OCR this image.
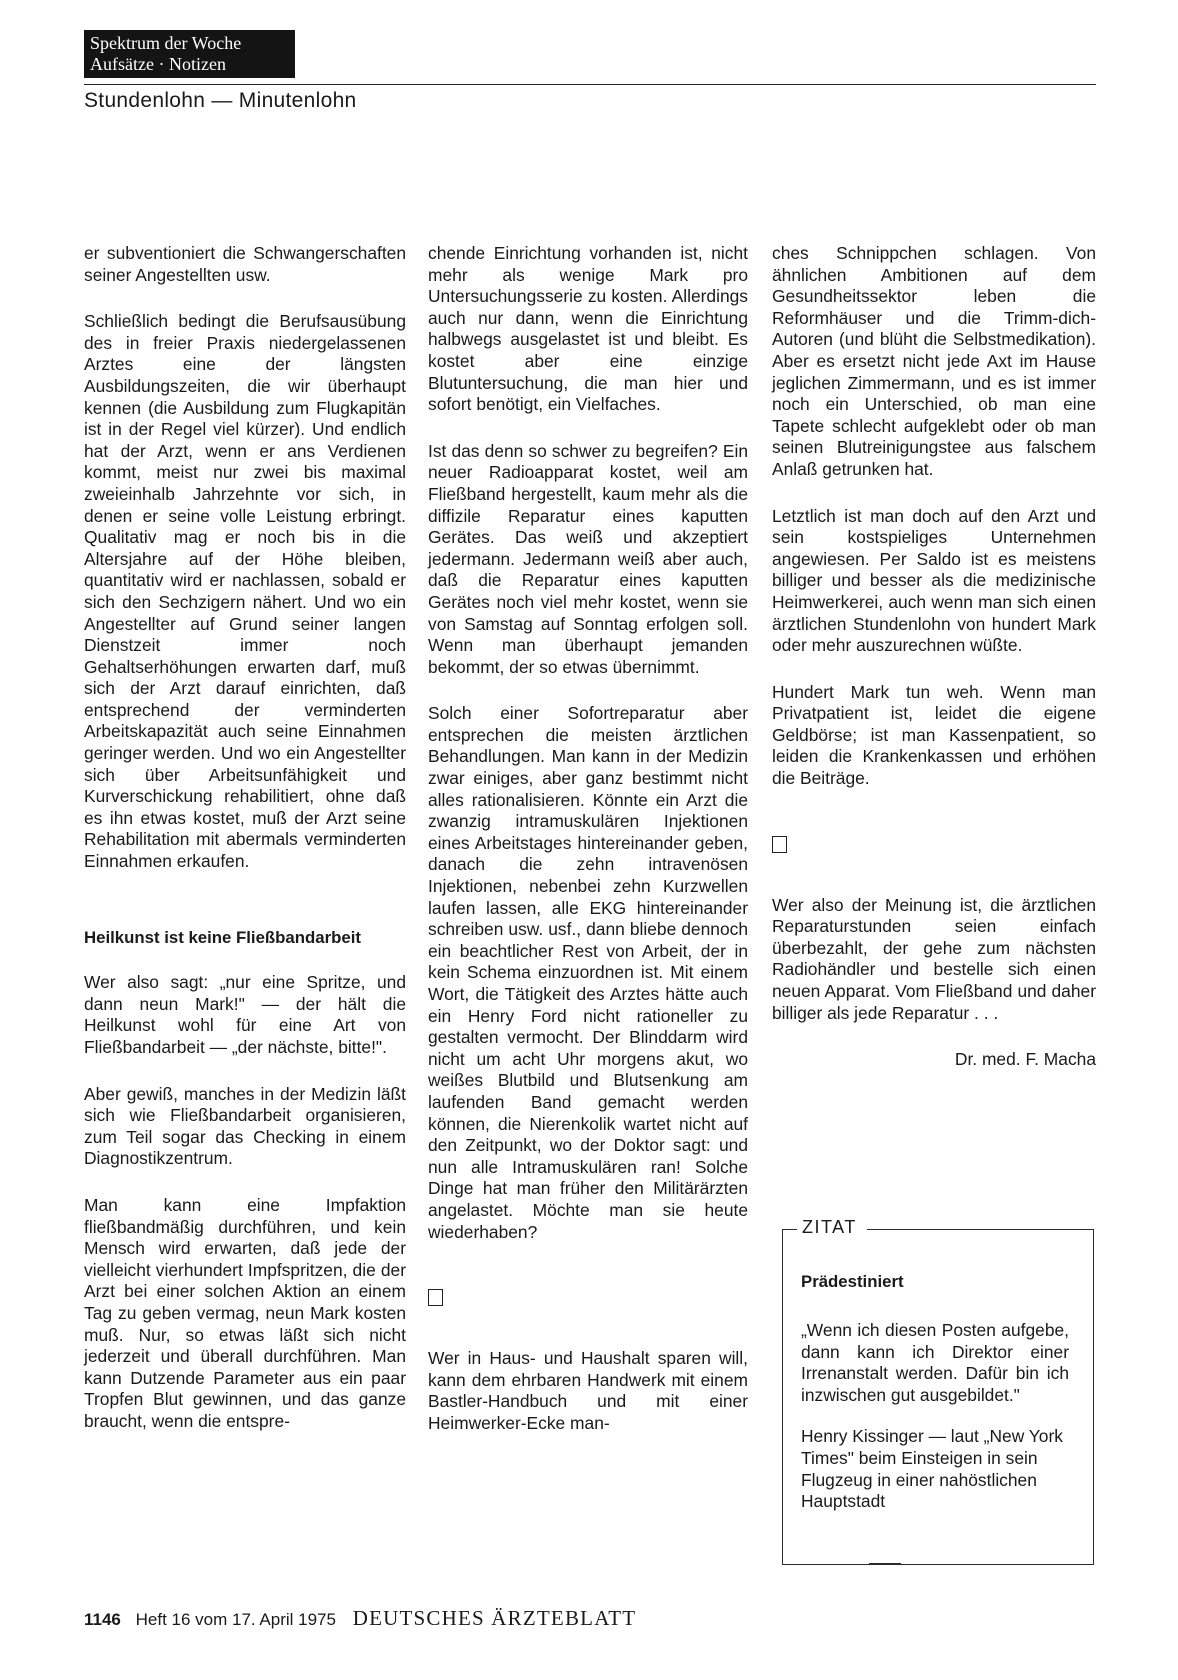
Spektrum der Woche
Aufsätze · Notizen
Stundenlohn — Minutenlohn

er subventioniert die Schwangerschaften seiner Angestellten usw.

Schließlich bedingt die Berufsausübung des in freier Praxis niedergelassenen Arztes eine der längsten Ausbildungszeiten, die wir überhaupt kennen (die Ausbildung zum Flugkapitän ist in der Regel viel kürzer). Und endlich hat der Arzt, wenn er ans Verdienen kommt, meist nur zwei bis maximal zweieinhalb Jahrzehnte vor sich, in denen er seine volle Leistung erbringt. Qualitativ mag er noch bis in die Altersjahre auf der Höhe bleiben, quantitativ wird er nachlassen, sobald er sich den Sechzigern nähert. Und wo ein Angestellter auf Grund seiner langen Dienstzeit immer noch Gehaltserhöhungen erwarten darf, muß sich der Arzt darauf einrichten, daß entsprechend der verminderten Arbeitskapazität auch seine Einnahmen geringer werden. Und wo ein Angestellter sich über Arbeitsunfähigkeit und Kurverschickung rehabilitiert, ohne daß es ihn etwas kostet, muß der Arzt seine Rehabilitation mit abermals verminderten Einnahmen erkaufen.

Heilkunst ist keine Fließbandarbeit

Wer also sagt: „nur eine Spritze, und dann neun Mark!" — der hält die Heilkunst wohl für eine Art von Fließbandarbeit — „der nächste, bitte!".

Aber gewiß, manches in der Medizin läßt sich wie Fließbandarbeit organisieren, zum Teil sogar das Checking in einem Diagnostikzentrum.

Man kann eine Impfaktion fließbandmäßig durchführen, und kein Mensch wird erwarten, daß jede der vielleicht vierhundert Impfspritzen, die der Arzt bei einer solchen Aktion an einem Tag zu geben vermag, neun Mark kosten muß. Nur, so etwas läßt sich nicht jederzeit und überall durchführen. Man kann Dutzende Parameter aus ein paar Tropfen Blut gewinnen, und das ganze braucht, wenn die entspre-

chende Einrichtung vorhanden ist, nicht mehr als wenige Mark pro Untersuchungsserie zu kosten. Allerdings auch nur dann, wenn die Einrichtung halbwegs ausgelastet ist und bleibt. Es kostet aber eine einzige Blutuntersuchung, die man hier und sofort benötigt, ein Vielfaches.

Ist das denn so schwer zu begreifen? Ein neuer Radioapparat kostet, weil am Fließband hergestellt, kaum mehr als die diffizile Reparatur eines kaputten Gerätes. Das weiß und akzeptiert jedermann. Jedermann weiß aber auch, daß die Reparatur eines kaputten Gerätes noch viel mehr kostet, wenn sie von Samstag auf Sonntag erfolgen soll. Wenn man überhaupt jemanden bekommt, der so etwas übernimmt.

Solch einer Sofortreparatur aber entsprechen die meisten ärztlichen Behandlungen. Man kann in der Medizin zwar einiges, aber ganz bestimmt nicht alles rationalisieren. Könnte ein Arzt die zwanzig intramuskulären Injektionen eines Arbeitstages hintereinander geben, danach die zehn intravenösen Injektionen, nebenbei zehn Kurzwellen laufen lassen, alle EKG hintereinander schreiben usw. usf., dann bliebe dennoch ein beachtlicher Rest von Arbeit, der in kein Schema einzuordnen ist. Mit einem Wort, die Tätigkeit des Arztes hätte auch ein Henry Ford nicht rationeller zu gestalten vermocht. Der Blinddarm wird nicht um acht Uhr morgens akut, wo weißes Blutbild und Blutsenkung am laufenden Band gemacht werden können, die Nierenkolik wartet nicht auf den Zeitpunkt, wo der Doktor sagt: und nun alle Intramuskulären ran! Solche Dinge hat man früher den Militärärzten angelastet. Möchte man sie heute wiederhaben?

Wer in Haus- und Haushalt sparen will, kann dem ehrbaren Handwerk mit einem Bastler-Handbuch und mit einer Heimwerker-Ecke man-

ches Schnippchen schlagen. Von ähnlichen Ambitionen auf dem Gesundheitssektor leben die Reformhäuser und die Trimm-dich-Autoren (und blüht die Selbstmedikation). Aber es ersetzt nicht jede Axt im Hause jeglichen Zimmermann, und es ist immer noch ein Unterschied, ob man eine Tapete schlecht aufgeklebt oder ob man seinen Blutreinigungstee aus falschem Anlaß getrunken hat.

Letztlich ist man doch auf den Arzt und sein kostspieliges Unternehmen angewiesen. Per Saldo ist es meistens billiger und besser als die medizinische Heimwerkerei, auch wenn man sich einen ärztlichen Stundenlohn von hundert Mark oder mehr auszurechnen wüßte.

Hundert Mark tun weh. Wenn man Privatpatient ist, leidet die eigene Geldbörse; ist man Kassenpatient, so leiden die Krankenkassen und erhöhen die Beiträge.

Wer also der Meinung ist, die ärztlichen Reparaturstunden seien einfach überbezahlt, der gehe zum nächsten Radiohändler und bestelle sich einen neuen Apparat. Vom Fließband und daher billiger als jede Reparatur . . .

Dr. med. F. Macha

ZITAT
Prädestiniert

„Wenn ich diesen Posten aufgebe, dann kann ich Direktor einer Irrenanstalt werden. Dafür bin ich inzwischen gut ausgebildet."

Henry Kissinger — laut „New York Times" beim Einsteigen in sein Flugzeug in einer nahöstlichen Hauptstadt

1146 Heft 16 vom 17. April 1975 DEUTSCHES ÄRZTEBLATT
